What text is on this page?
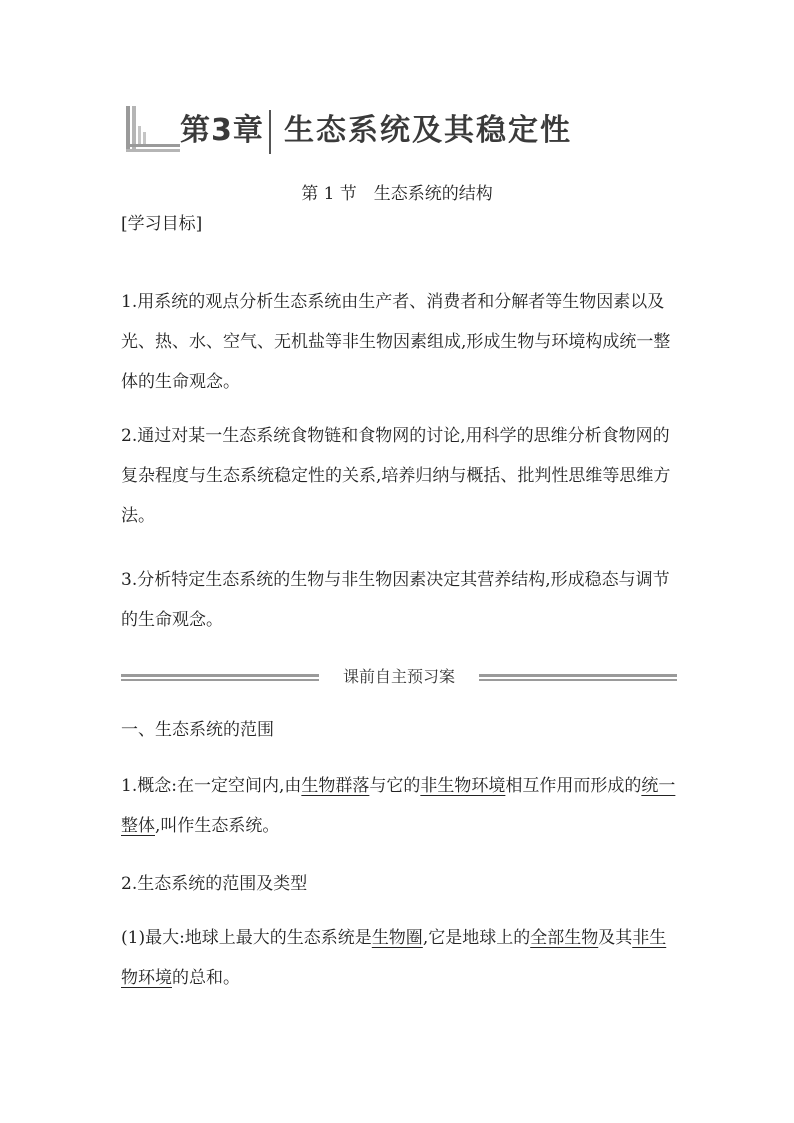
第3章 生态系统及其稳定性
第 1 节　生态系统的结构
[学习目标]
1.用系统的观点分析生态系统由生产者、消费者和分解者等生物因素以及光、热、水、空气、无机盐等非生物因素组成,形成生物与环境构成统一整体的生命观念。
2.通过对某一生态系统食物链和食物网的讨论,用科学的思维分析食物网的复杂程度与生态系统稳定性的关系,培养归纳与概括、批判性思维等思维方法。
3.分析特定生态系统的生物与非生物因素决定其营养结构,形成稳态与调节的生命观念。
课前自主预习案
一、生态系统的范围
1.概念:在一定空间内,由生物群落与它的非生物环境相互作用而形成的统一整体,叫作生态系统。
2.生态系统的范围及类型
(1)最大:地球上最大的生态系统是生物圈,它是地球上的全部生物及其非生物环境的总和。
